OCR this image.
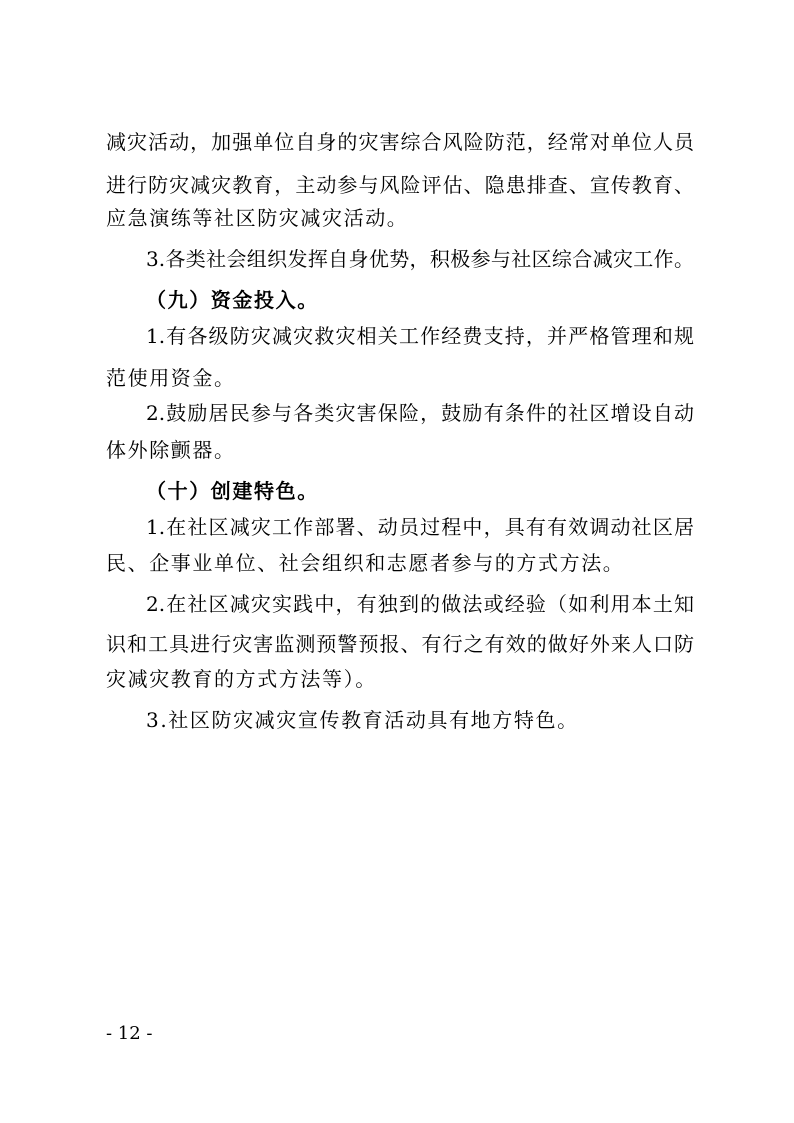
减灾活动，加强单位自身的灾害综合风险防范，经常对单位人员
进行防灾减灾教育，主动参与风险评估、隐患排查、宣传教育、
应急演练等社区防灾减灾活动。
3.各类社会组织发挥自身优势，积极参与社区综合减灾工作。
（九）资金投入。
1.有各级防灾减灾救灾相关工作经费支持，并严格管理和规
范使用资金。
2.鼓励居民参与各类灾害保险，鼓励有条件的社区增设自动
体外除颤器。
（十）创建特色。
1.在社区减灾工作部署、动员过程中，具有有效调动社区居
民、企事业单位、社会组织和志愿者参与的方式方法。
2.在社区减灾实践中，有独到的做法或经验（如利用本土知
识和工具进行灾害监测预警预报、有行之有效的做好外来人口防
灾减灾教育的方式方法等）。
3.社区防灾减灾宣传教育活动具有地方特色。
- 12 -
